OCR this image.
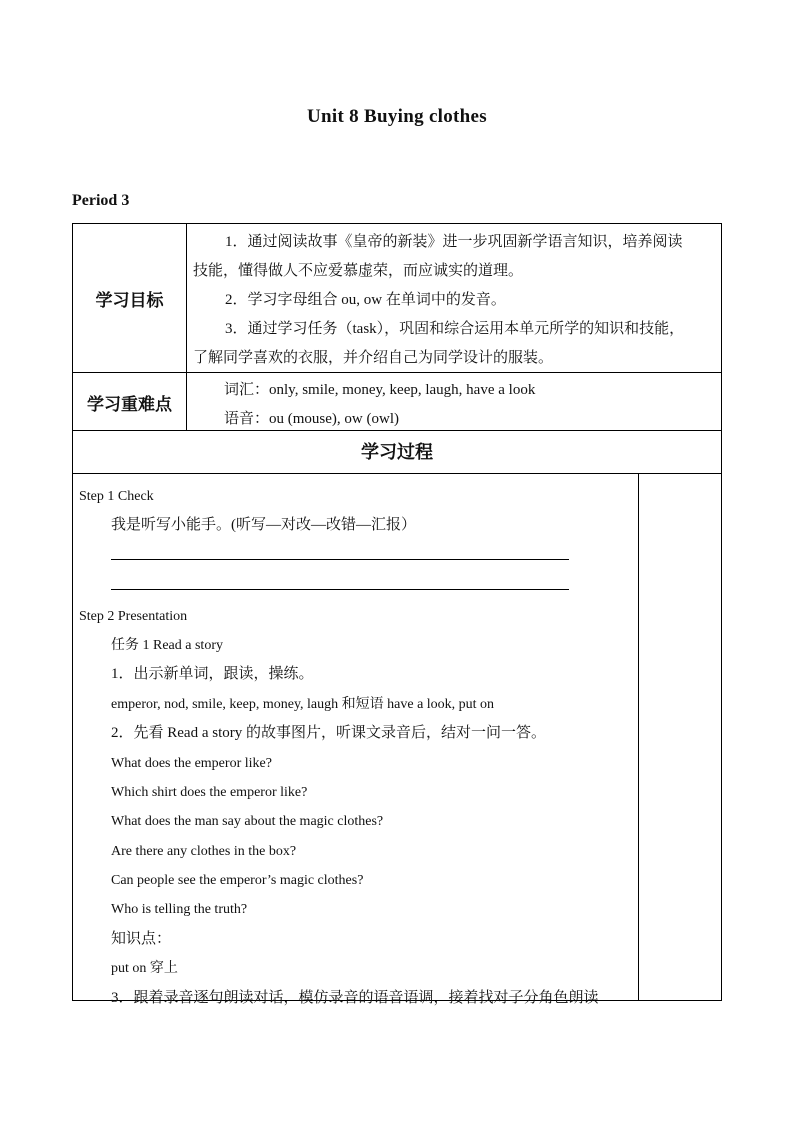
Unit 8 Buying clothes
Period 3
学习目标

1．通过阅读故事《皇帝的新装》进一步巩固新学语言知识，培养阅读

技能，懂得做人不应爱慕虚荣，而应诚实的道理。

2．学习字母组合 ou, ow 在单词中的发音。

3．通过学习任务（task），巩固和综合运用本单元所学的知识和技能，

了解同学喜欢的衣服，并介绍自己为同学设计的服装。

学习重难点

词汇：only, smile, money, keep, laugh, have a look

语音：ou (mouse), ow (owl)

学习过程
Step 1 Check
我是听写小能手。(听写—对改—改错—汇报）
Step 2 Presentation
任务 1 Read a story
1．出示新单词，跟读，操练。
emperor, nod, smile, keep, money, laugh 和短语 have a look, put on
2．先看 Read a story 的故事图片，听课文录音后，结对一问一答。
What does the emperor like?
Which shirt does the emperor like?
What does the man say about the magic clothes?
Are there any clothes in the box?
Can people see the emperor’s magic clothes?
Who is telling the truth?
知识点：
put on 穿上
3．跟着录音逐句朗读对话，模仿录音的语音语调，接着找对子分角色朗读
